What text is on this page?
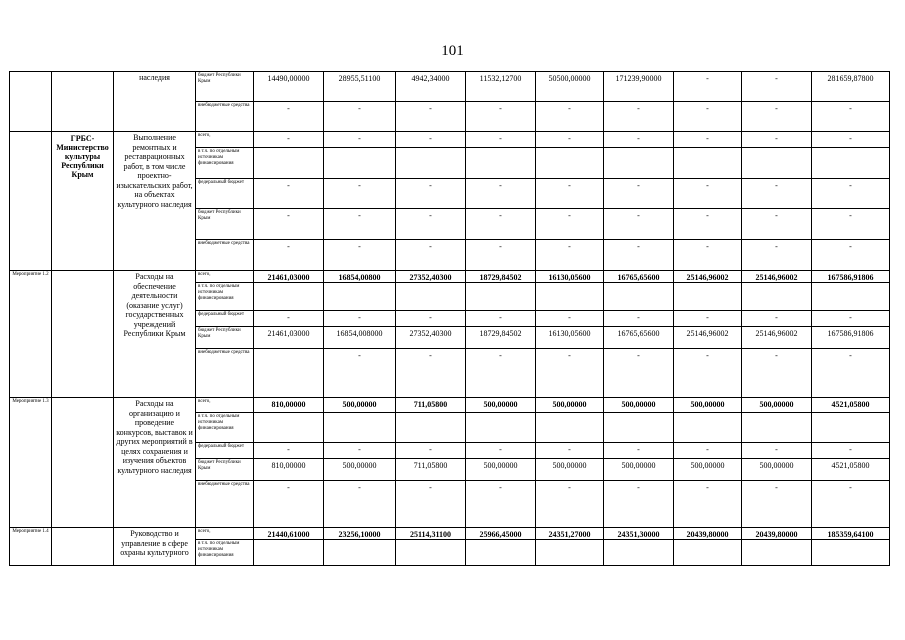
101
		наследия	бюджет Республики Крым	14490,00000	28955,51100	4942,34000	11532,12700	50500,00000	171239,90000	-	-	281659,87800
			внебюджетные средства	-	-	-	-	-	-	-	-	-
	ГРБС-Министерство культуры Республики Крым	Выполнение ремонтных и реставрационных работ, в том числе проектно-изыскательских работ, на объектах культурного наследия	всего,	-	-	-	-	-	-	-	-	-
			в т.ч. по отдельным источникам финансирования									
			федеральный бюджет	-	-	-	-	-	-	-	-	-
			бюджет Республики Крым	-	-	-	-	-	-	-	-	-
			внебюджетные средства	-	-	-	-	-	-	-	-	-
Мероприятие 1.2		Расходы на обеспечение деятельности (оказание услуг) государственных учреждений Республики Крым	всего,	21461,03000	16854,00800	27352,40300	18729,84502	16130,05600	16765,65600	25146,96002	25146,96002	167586,91806
			в т.ч. по отдельным источникам финансирования									
			федеральный бюджет	-	-	-	-	-	-	-	-	-
			бюджет Республики Крым	21461,03000	16854,008000	27352,40300	18729,84502	16130,05600	16765,65600	25146,96002	25146,96002	167586,91806
			внебюджетные средства		-	-	-	-	-	-	-	-
Мероприятие 1.3		Расходы на организацию и проведение конкурсов, выставок и других мероприятий в целях сохранения и изучения объектов культурного наследия	всего,	810,00000	500,00000	711,05800	500,00000	500,00000	500,00000	500,00000	500,00000	4521,05800
			в т.ч. по отдельным источникам финансирования									
			федеральный бюджет	-	-	-	-	-	-	-	-	-
			бюджет Республики Крым	810,00000	500,00000	711,05800	500,00000	500,00000	500,00000	500,00000	500,00000	4521,05800
			внебюджетные средства	-	-	-	-	-	-	-	-	-
Мероприятие 1.4		Руководство и управление в сфере охраны культурного	всего,	21440,61000	23256,10000	25114,31100	25966,45000	24351,27000	24351,30000	20439,80000	20439,80000	185359,64100
			в т.ч. по отдельным источникам финансирования									
